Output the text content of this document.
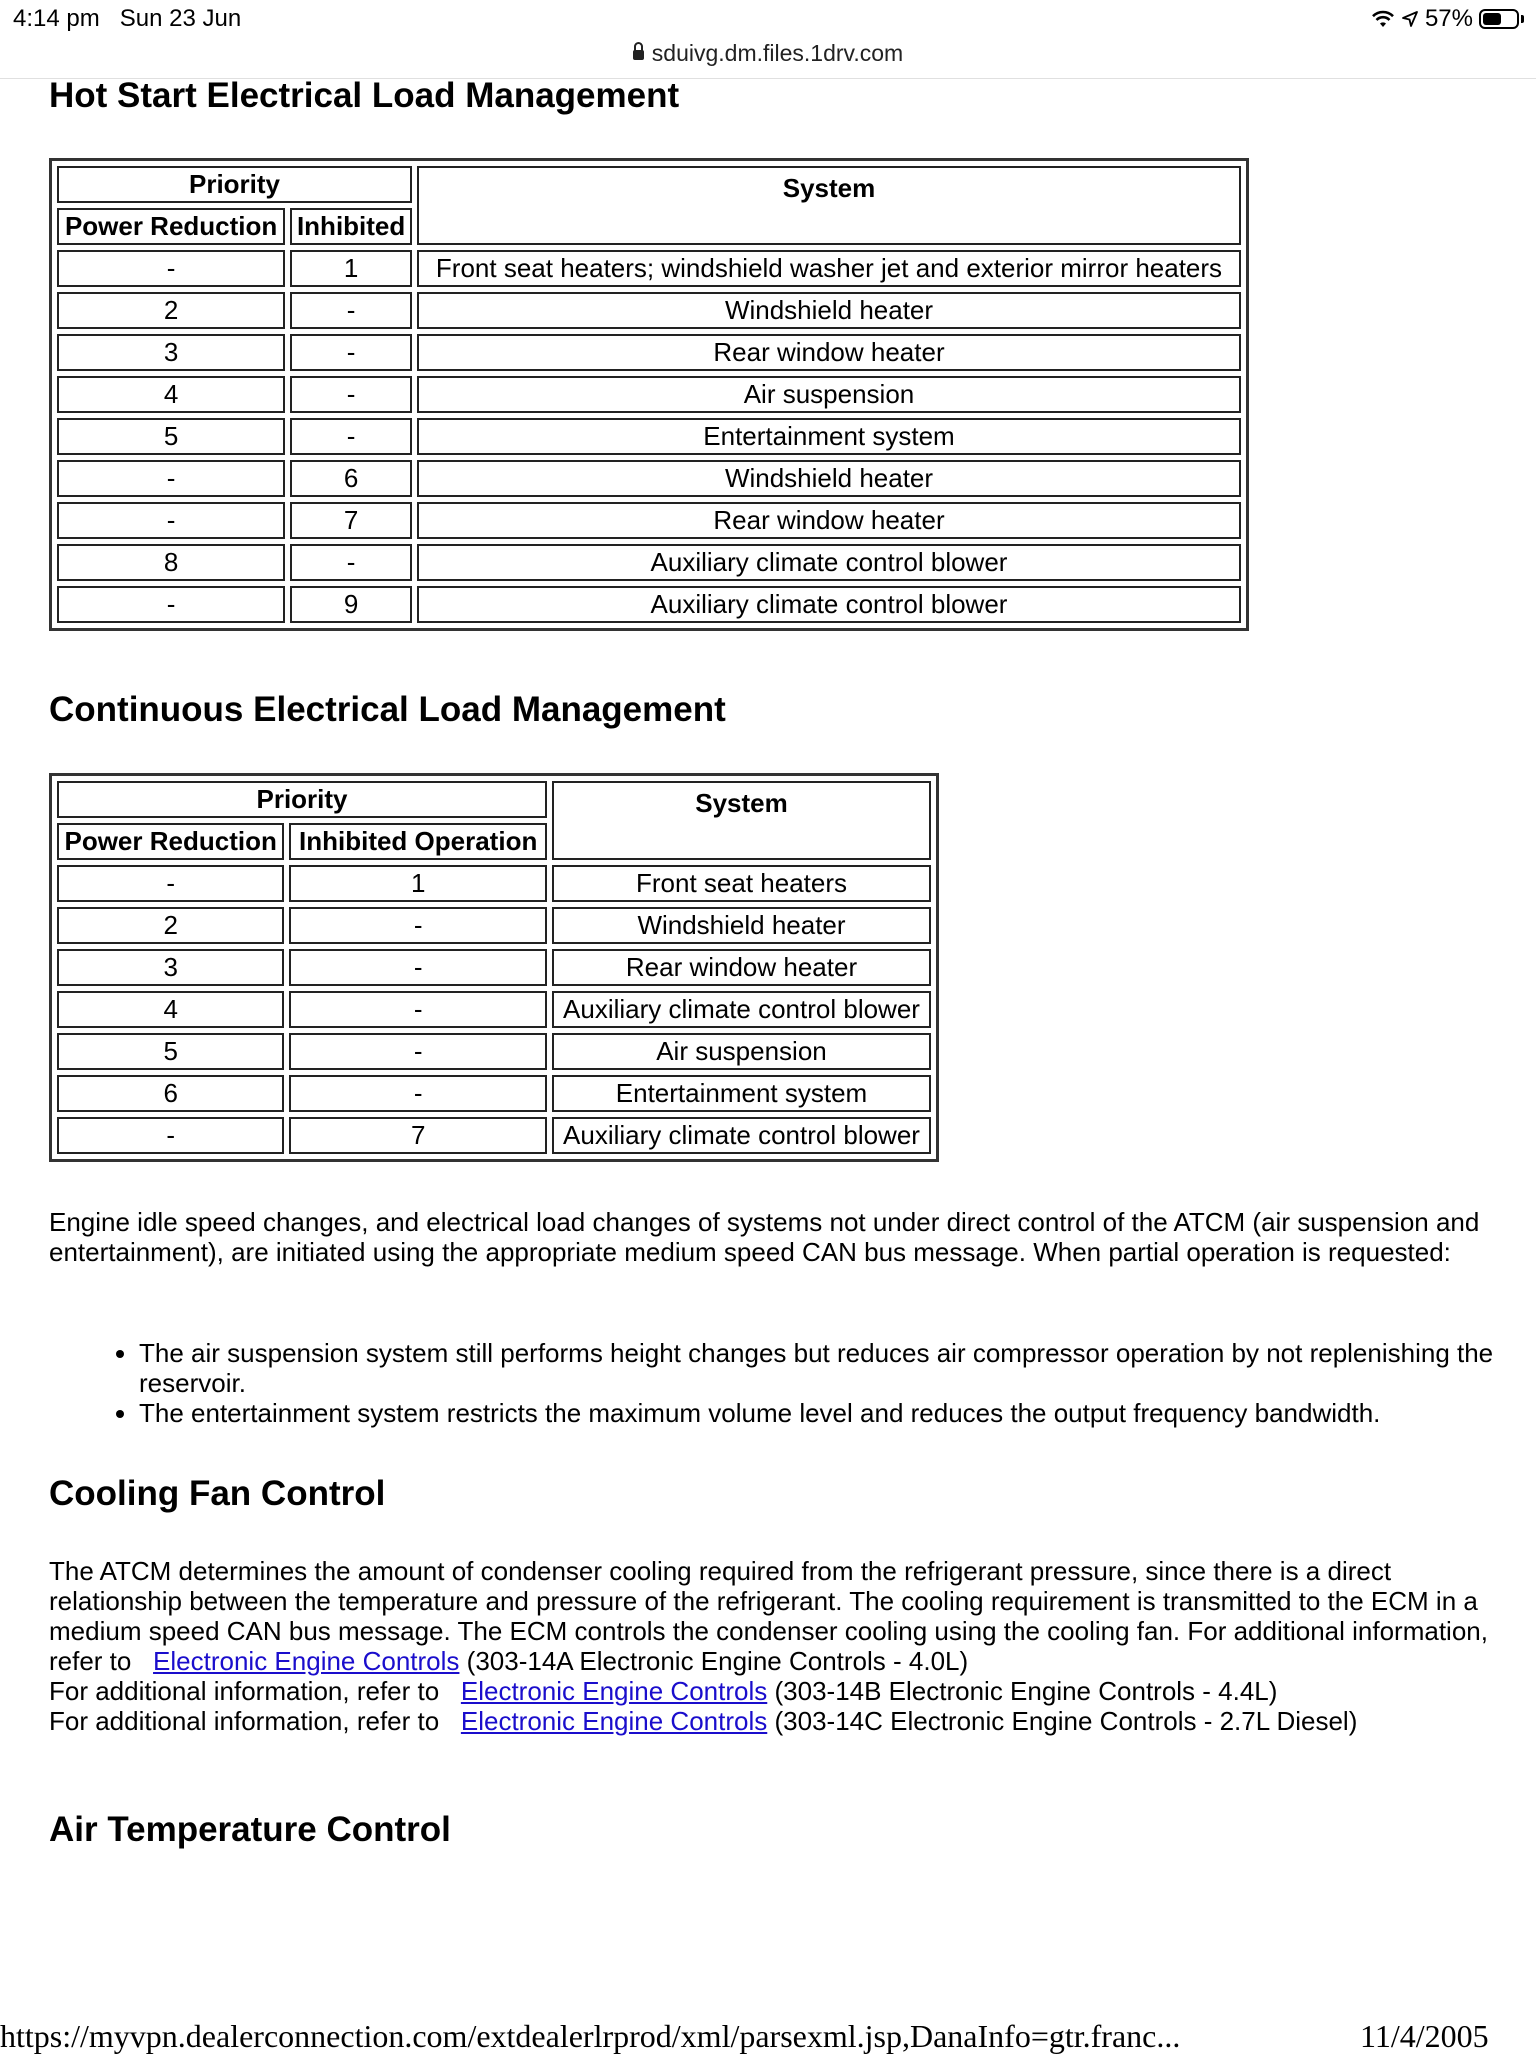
4:14 pm Sun 23 Jun	57%
sduivg.dm.files.1drv.com
Hot Start Electrical Load Management
Priority		System
Power Reduction	Inhibited	
-	1	Front seat heaters; windshield washer jet and exterior mirror heaters
2	-	Windshield heater
3	-	Rear window heater
4	-	Air suspension
5	-	Entertainment system
-	6	Windshield heater
-	7	Rear window heater
8	-	Auxiliary climate control blower
-	9	Auxiliary climate control blower
Continuous Electrical Load Management
Priority		System
Power Reduction	Inhibited Operation	
-	1	Front seat heaters
2	-	Windshield heater
3	-	Rear window heater
4	-	Auxiliary climate control blower
5	-	Air suspension
6	-	Entertainment system
-	7	Auxiliary climate control blower

Engine idle speed changes, and electrical load changes of systems not under direct control of the ATCM (air suspension and entertainment), are initiated using the appropriate medium speed CAN bus message. When partial operation is requested:

• The air suspension system still performs height changes but reduces air compressor operation by not replenishing the reservoir.
• The entertainment system restricts the maximum volume level and reduces the output frequency bandwidth.
Cooling Fan Control
The ATCM determines the amount of condenser cooling required from the refrigerant pressure, since there is a direct relationship between the temperature and pressure of the refrigerant. The cooling requirement is transmitted to the ECM in a medium speed CAN bus message. The ECM controls the condenser cooling using the cooling fan. For additional information, refer to Electronic Engine Controls (303-14A Electronic Engine Controls - 4.0L)
For additional information, refer to Electronic Engine Controls (303-14B Electronic Engine Controls - 4.4L)
For additional information, refer to Electronic Engine Controls (303-14C Electronic Engine Controls - 2.7L Diesel)
Air Temperature Control
https://myvpn.dealerconnection.com/extdealerlrprod/xml/parsexml.jsp,DanaInfo=gtr.franc...	11/4/2005
